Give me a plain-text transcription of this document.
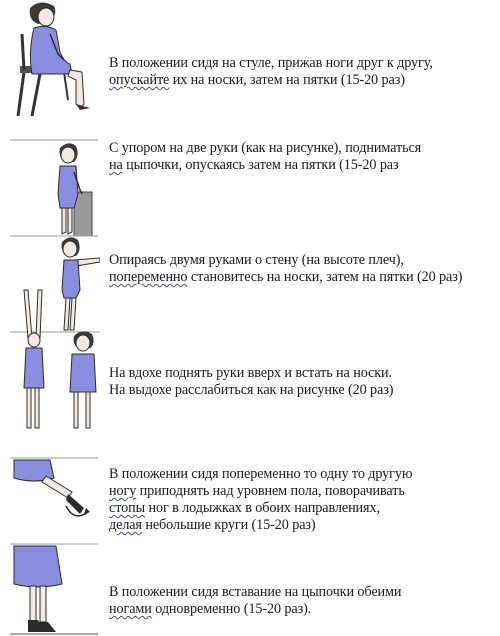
В положении сидя на стуле, прижав ноги друг к другу,
опускайте их на носки, затем на пятки (15-20 раз)
С упором на две руки (как на рисунке), подниматься
на цыпочки, опускаясь затем на пятки (15-20 раз
Опираясь двумя руками о стену (на высоте плеч),
попеременно становитесь на носки, затем на пятки (20 раз)
На вдохе поднять руки вверх и встать на носки.
На выдохе расслабиться как на рисунке (20 раз)
В положении сидя попеременно то одну то другую
ногу приподнять над уровнем пола, поворачивать
стопы ног в лодыжках в обоих направлениях,
делая небольшие круги (15-20 раз)
В положении сидя вставание на цыпочки обеими
ногами одновременно (15-20 раз).
